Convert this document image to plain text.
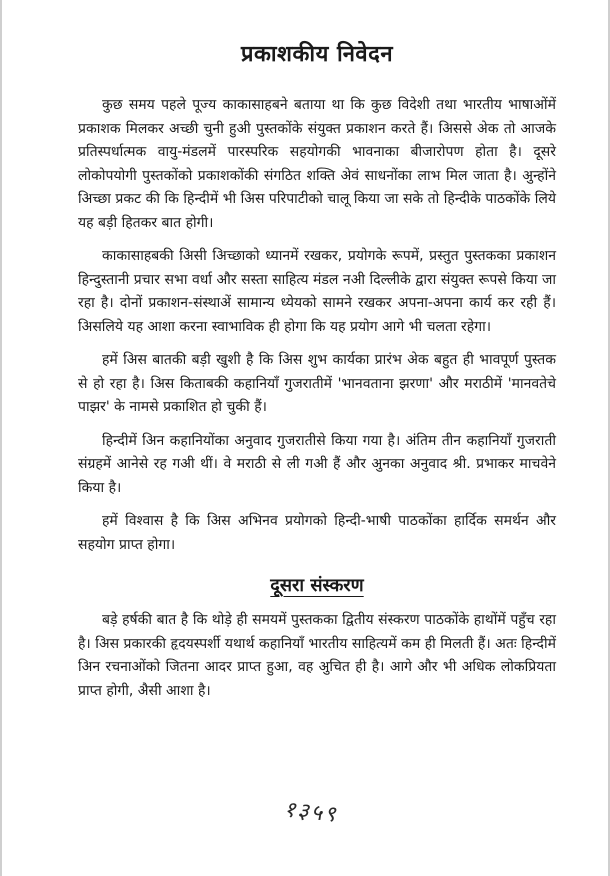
प्रकाशकीय निवेदन

कुछ समय पहले पूज्य काकासाहबने बताया था कि कुछ विदेशी तथा भारतीय भाषाओंमें प्रकाशक मिलकर अच्छी चुनी हुअी पुस्तकोंके संयुक्त प्रकाशन करते हैं। अिससे अेक तो आजके प्रतिस्पर्धात्मक वायु-मंडलमें पारस्परिक सहयोगकी भावनाका बीजारोपण होता है। दूसरे लोकोपयोगी पुस्तकोंको प्रकाशकोंकी संगठित शक्ति अेवं साधनोंका लाभ मिल जाता है। अुन्होंने अिच्छा प्रकट की कि हिन्दीमें भी अिस परिपाटीको चालू किया जा सके तो हिन्दीके पाठकोंके लिये यह बड़ी हितकर बात होगी।

काकासाहबकी अिसी अिच्छाको ध्यानमें रखकर, प्रयोगके रूपमें, प्रस्तुत पुस्तकका प्रकाशन हिन्दुस्तानी प्रचार सभा वर्धा और सस्ता साहित्य मंडल नअी दिल्लीके द्वारा संयुक्त रूपसे किया जा रहा है। दोनों प्रकाशन-संस्थाअें सामान्य ध्येयको सामने रखकर अपना-अपना कार्य कर रही हैं। अिसलिये यह आशा करना स्वाभाविक ही होगा कि यह प्रयोग आगे भी चलता रहेगा।

हमें अिस बातकी बड़ी खुशी है कि अिस शुभ कार्यका प्रारंभ अेक बहुत ही भावपूर्ण पुस्तक से हो रहा है। अिस किताबकी कहानियाँ गुजरातीमें 'भानवताना झरणा' और मराठीमें 'मानवतेचे पाझर' के नामसे प्रकाशित हो चुकी हैं।

हिन्दीमें अिन कहानियोंका अनुवाद गुजरातीसे किया गया है। अंतिम तीन कहानियाँ गुजराती संग्रहमें आनेसे रह गअी थीं। वे मराठी से ली गअी हैं और अुनका अनुवाद श्री. प्रभाकर माचवेने किया है।

हमें विश्वास है कि अिस अभिनव प्रयोगको हिन्दी-भाषी पाठकोंका हार्दिक समर्थन और सहयोग प्राप्त होगा।

दूसरा संस्करण

बड़े हर्षकी बात है कि थोड़े ही समयमें पुस्तकका द्वितीय संस्करण पाठकोंके हाथोंमें पहुँच रहा है। अिस प्रकारकी हृदयस्पर्शी यथार्थ कहानियाँ भारतीय साहित्यमें कम ही मिलती हैं। अतः हिन्दीमें अिन रचनाओंको जितना आदर प्राप्त हुआ, वह अुचित ही है। आगे और भी अधिक लोकप्रियता प्राप्त होगी, अैसी आशा है।

१३५९
